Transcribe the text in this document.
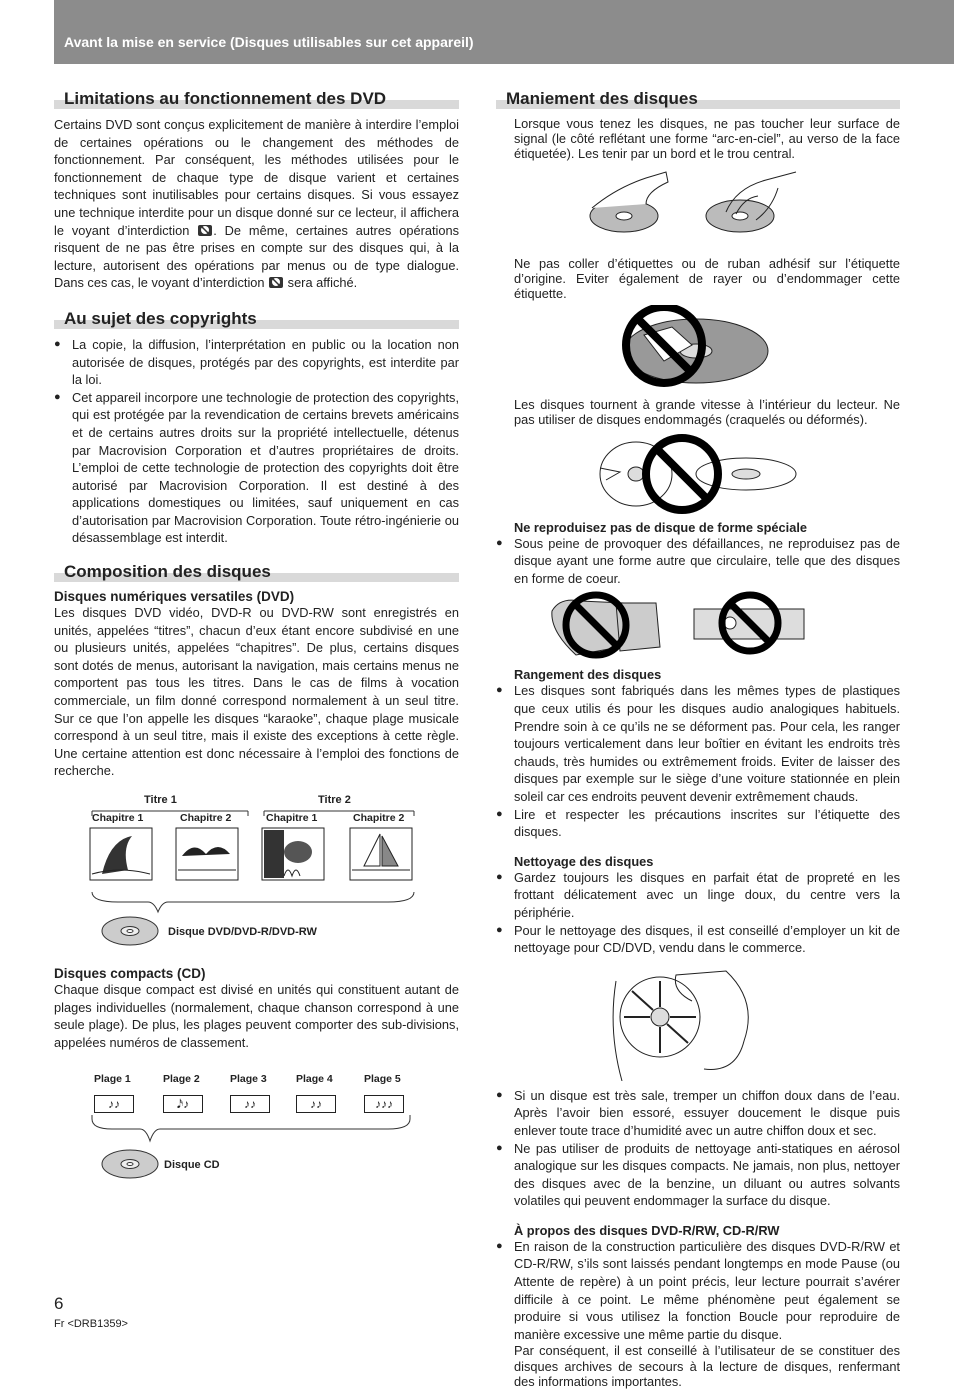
Avant la mise en service (Disques utilisables sur cet appareil)
Limitations au fonctionnement des DVD

Certains DVD sont conçus explicitement de manière à interdire l’emploi de certaines opérations ou le changement des méthodes de fonctionnement. Par conséquent, les méthodes utilisées pour le fonctionnement de chaque type de disque varient et certaines techniques sont inutilisables pour certains disques. Si vous essayez une technique interdite pour un disque donné sur ce lecteur, il affichera le voyant d’interdiction . De même, certaines autres opérations risquent de ne pas être prises en compte sur des disques qui, à la lecture, autorisent des opérations par menus ou de type dialogue. Dans ces cas, le voyant d’interdiction sera affiché.

Au sujet des copyrights
● La copie, la diffusion, l’interprétation en public ou la location non autorisée de disques, protégés par des copyrights, est interdite par la loi.
● Cet appareil incorpore une technologie de protection des copyrights, qui est protégée par la revendication de certains brevets américains et de certains autres droits sur la propriété intellectuelle, détenus par Macrovision Corporation et d’autres propriétaires de droits. L’emploi de cette technologie de protection des copyrights doit être autorisé par Macrovision Corporation. Il est destiné à des applications domestiques ou limitées, sauf uniquement en cas d’autorisation par Macrovision Corporation. Toute rétro-ingénierie ou désassemblage est interdit.
Composition des disques
Disques numériques versatiles (DVD)

Les disques DVD vidéo, DVD-R ou DVD-RW sont enregistrés en unités, appelées “titres”, chacun d’eux étant encore subdivisé en une ou plusieurs unités, appelées “chapitres”. De plus, certains disques sont dotés de menus, autorisant la navigation, mais certains menus ne comportent pas tous les titres. Dans le cas de films à vocation commerciale, un film donné correspond normalement à un seul titre. Sur ce que l’on appelle les disques “karaoke”, chaque plage musicale correspond à un seul titre, mais il existe des exceptions à cette règle. Une certaine attention est donc nécessaire à l’emploi des fonctions de recherche.

Titre 1	Titre 2
Chapitre 1	Chapitre 2	Chapitre 1	Chapitre 2
Disque DVD/DVD-R/DVD-RW
Disques compacts (CD)

Chaque disque compact est divisé en unités qui constituent autant de plages individuelles (normalement, chaque chanson correspond à une seule plage). De plus, les plages peuvent comporter des sub-divisions, appelées numéros de classement.

Plage 1	Plage 2	Plage 3	Plage 4	Plage 5
♪♪	𝅘𝅥𝅯♪	♪♪	♪♪	♪♪♪
Disque CD
Maniement des disques

Lorsque vous tenez les disques, ne pas toucher leur surface de signal (le côté reflétant une forme “arc-en-ciel”, au verso de la face étiquetée). Les tenir par un bord et le trou central.

Ne pas coller d’étiquettes ou de ruban adhésif sur l’étiquette d’origine. Eviter également de rayer ou d’endommager cette étiquette.

Les disques tournent à grande vitesse à l’intérieur du lecteur. Ne pas utiliser de disques endommagés (craquelés ou déformés).

Ne reproduisez pas de disque de forme spéciale
● Sous peine de provoquer des défaillances, ne reproduisez pas de disque ayant une forme autre que circulaire, telle que des disques en forme de coeur.
Rangement des disques
● Les disques sont fabriqués dans les mêmes types de plastiques que ceux utilis és pour les disques audio analogiques habituels. Prendre soin à ce qu’ils ne se déforment pas. Pour cela, les ranger toujours verticalement dans leur boîtier en évitant les endroits très chauds, très humides ou extrêmement froids. Eviter de laisser des disques par exemple sur le siège d’une voiture stationnée en plein soleil car ces endroits peuvent devenir extrêmement chauds.
● Lire et respecter les précautions inscrites sur l’étiquette des disques.
Nettoyage des disques
● Gardez toujours les disques en parfait état de propreté en les frottant délicatement avec un linge doux, du centre vers la périphérie.
● Pour le nettoyage des disques, il est conseillé d’employer un kit de nettoyage pour CD/DVD, vendu dans le commerce.
● Si un disque est très sale, tremper un chiffon doux dans de l’eau. Après l’avoir bien essoré, essuyer doucement le disque puis enlever toute trace d’humidité avec un autre chiffon doux et sec.
● Ne pas utiliser de produits de nettoyage anti-statiques en aérosol analogique sur les disques compacts. Ne jamais, non plus, nettoyer des disques avec de la benzine, un diluant ou autres solvants volatiles qui peuvent endommager la surface du disque.
À propos des disques DVD-R/RW, CD-R/RW
● En raison de la construction particulière des disques DVD-R/RW et CD-R/RW, s’ils sont laissés pendant longtemps en mode Pause (ou Attente de repère) à un point précis, leur lecture pourrait s’avérer difficile à ce point. Le même phénomène peut également se produire si vous utilisez la fonction Boucle pour reproduire de manière excessive une même partie du disque.

Par conséquent, il est conseillé à l’utilisateur de se constituer des disques archives de secours à la lecture de disques, renfermant des informations importantes.

6
Fr <DRB1359>
